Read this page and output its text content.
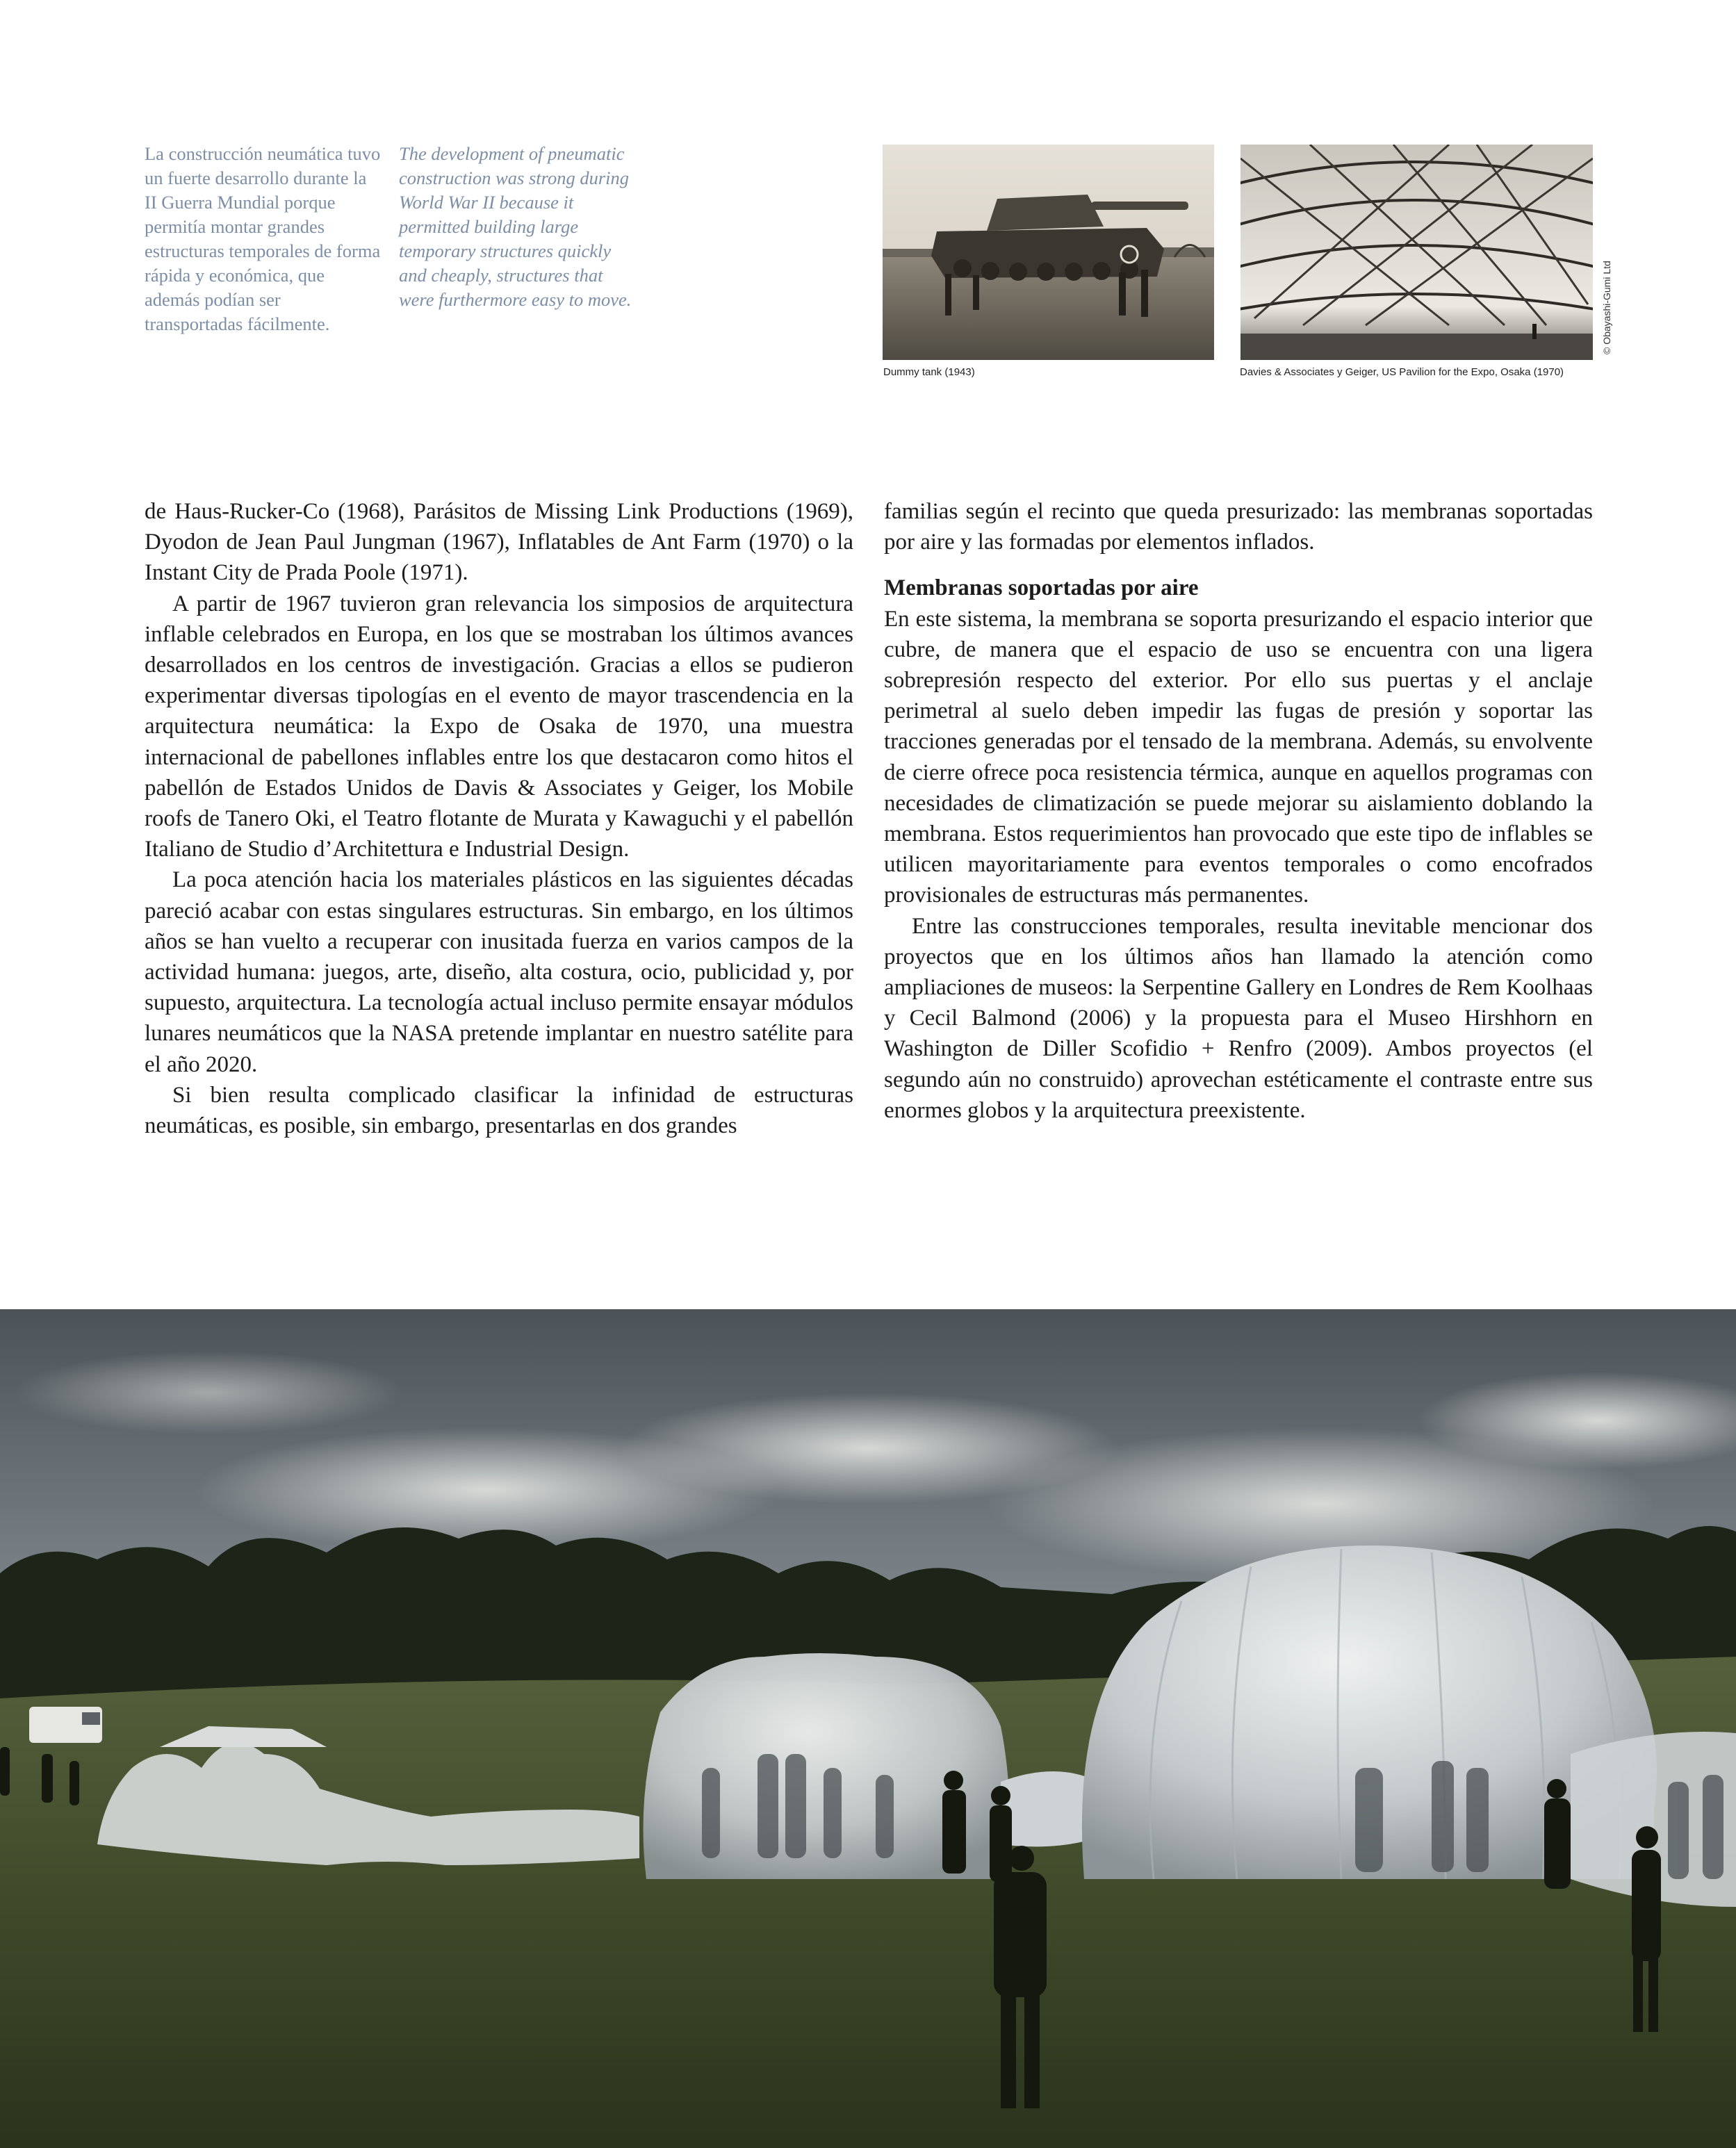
La construcción neumática tuvo un fuerte desarrollo durante la II Guerra Mundial porque permitía montar grandes estructuras temporales de forma rápida y económica, que además podían ser transportadas fácilmente.
The development of pneumatic construction was strong during World War II because it permitted building large temporary structures quickly and cheaply, structures that were furthermore easy to move.
Dummy tank (1943)	Davies & Associates y Geiger, US Pavilion for the Expo, Osaka (1970)
© Obayashi-Gumi Ltd

de Haus-Rucker-Co (1968), Parásitos de Missing Link Productions (1969), Dyodon de Jean Paul Jungman (1967), Inflatables de Ant Farm (1970) o la Instant City de Prada Poole (1971).

A partir de 1967 tuvieron gran relevancia los simposios de arquitectura inflable celebrados en Europa, en los que se mostraban los últimos avances desarrollados en los centros de investigación. Gracias a ellos se pudieron experimentar diversas tipologías en el evento de mayor trascendencia en la arquitectura neumática: la Expo de Osaka de 1970, una muestra internacional de pabellones inflables entre los que destacaron como hitos el pabellón de Estados Unidos de Davis & Associates y Geiger, los Mobile roofs de Tanero Oki, el Teatro flotante de Murata y Kawaguchi y el pabellón Italiano de Studio d’Architettura e Industrial Design.

La poca atención hacia los materiales plásticos en las siguientes décadas pareció acabar con estas singulares estructuras. Sin embargo, en los últimos años se han vuelto a recuperar con inusitada fuerza en varios campos de la actividad humana: juegos, arte, diseño, alta costura, ocio, publicidad y, por supuesto, arquitectura. La tecnología actual incluso permite ensayar módulos lunares neumáticos que la NASA pretende implantar en nuestro satélite para el año 2020.

Si bien resulta complicado clasificar la infinidad de estructuras neumáticas, es posible, sin embargo, presentarlas en dos grandes

familias según el recinto que queda presurizado: las membranas soportadas por aire y las formadas por elementos inflados.

Membranas soportadas por aire

En este sistema, la membrana se soporta presurizando el espacio interior que cubre, de manera que el espacio de uso se encuentra con una ligera sobrepresión respecto del exterior. Por ello sus puertas y el anclaje perimetral al suelo deben impedir las fugas de presión y soportar las tracciones generadas por el tensado de la membrana. Además, su envolvente de cierre ofrece poca resistencia térmica, aunque en aquellos programas con necesidades de climatización se puede mejorar su aislamiento doblando la membrana. Estos requerimientos han provocado que este tipo de inflables se utilicen mayoritariamente para eventos temporales o como encofrados provisionales de estructuras más permanentes.

Entre las construcciones temporales, resulta inevitable mencionar dos proyectos que en los últimos años han llamado la atención como ampliaciones de museos: la Serpentine Gallery en Londres de Rem Koolhaas y Cecil Balmond (2006) y la propuesta para el Museo Hirshhorn en Washington de Diller Scofidio + Renfro (2009). Ambos proyectos (el segundo aún no construido) aprovechan estéticamente el contraste entre sus enormes globos y la arquitectura preexistente.
